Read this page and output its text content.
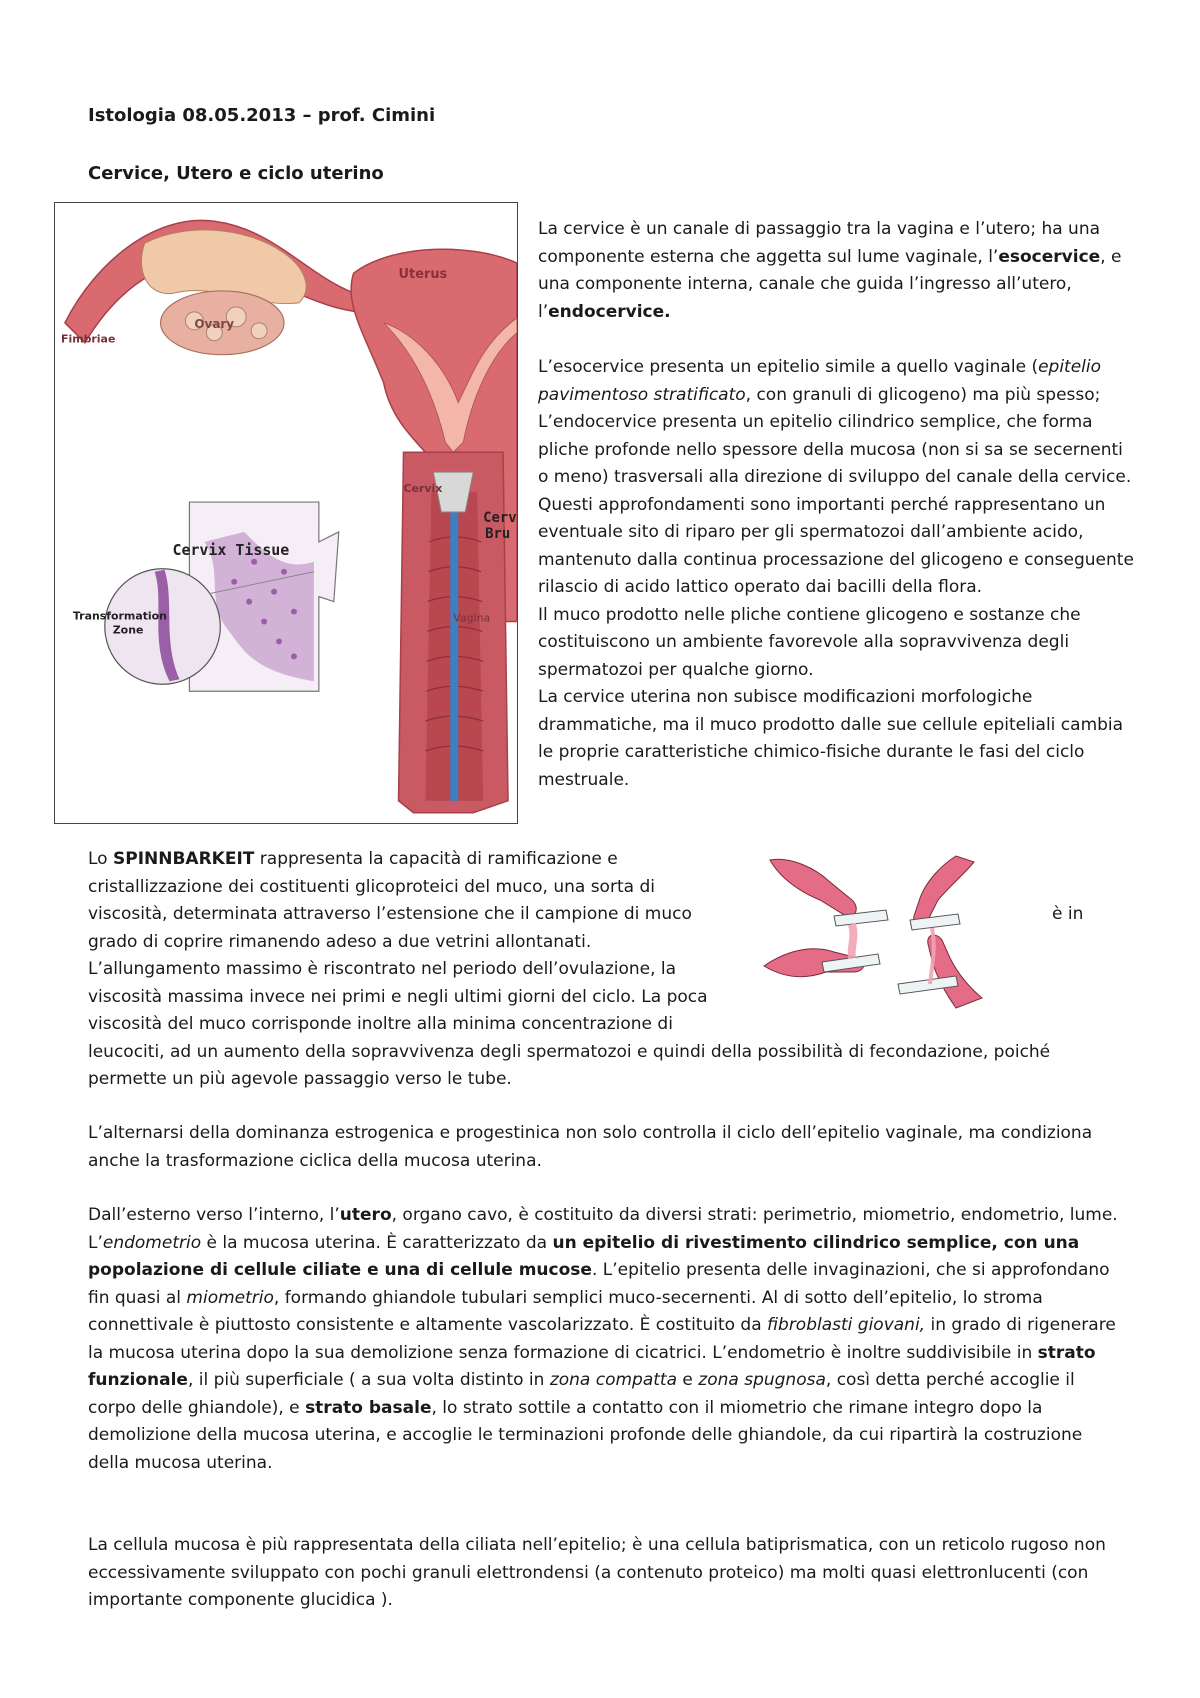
Istologia 08.05.2013 – prof. Cimini
Cervice, Utero e ciclo uterino
Uterus
Ovary
Fimbriae
Cervix
Vagina
Cervix Tissue
Transformation
Zone
Cerv
Bru

La cervice è un canale di passaggio tra la vagina e l’utero; ha una componente esterna che aggetta sul lume vaginale, l’esocervice, e una componente interna, canale che guida l’ingresso all’utero, l’endocervice.

L’esocervice presenta un epitelio simile a quello vaginale (epitelio pavimentoso stratificato, con granuli di glicogeno) ma più spesso;
L’endocervice presenta un epitelio cilindrico semplice, che forma pliche profonde nello spessore della mucosa (non si sa se secernenti o meno) trasversali alla direzione di sviluppo del canale della cervice.
Questi approfondamenti sono importanti perché rappresentano un eventuale sito di riparo per gli spermatozoi dall’ambiente acido, mantenuto dalla continua processazione del glicogeno e conseguente rilascio di acido lattico operato dai bacilli della flora.
Il muco prodotto nelle pliche contiene glicogeno e sostanze che costituiscono un ambiente favorevole alla sopravvivenza degli spermatozoi per qualche giorno.
La cervice uterina non subisce modificazioni morfologiche drammatiche, ma il muco prodotto dalle sue cellule epiteliali cambia le proprie caratteristiche chimico-fisiche durante le fasi del ciclo mestruale.

Lo SPINNBARKEIT rappresenta la capacità di ramificazione e cristallizzazione dei costituenti glicoproteici del muco, una sorta di viscosità, determinata attraverso l’estensione che il campione di muco	è in
grado di coprire rimanendo adeso a due vetrini allontanati.
L’allungamento massimo è riscontrato nel periodo dell’ovulazione, la viscosità massima invece nei primi e negli ultimi giorni del ciclo. La poca viscosità del muco corrisponde inoltre alla minima concentrazione di
leucociti, ad un aumento della sopravvivenza degli spermatozoi e quindi della possibilità di fecondazione, poiché permette un più agevole passaggio verso le tube.

L’alternarsi della dominanza estrogenica e progestinica non solo controlla il ciclo dell’epitelio vaginale, ma condiziona anche la trasformazione ciclica della mucosa uterina.

Dall’esterno verso l’interno, l’utero, organo cavo, è costituito da diversi strati: perimetrio, miometrio, endometrio, lume.
L’endometrio è la mucosa uterina. È caratterizzato da un epitelio di rivestimento cilindrico semplice, con una popolazione di cellule ciliate e una di cellule mucose. L’epitelio presenta delle invaginazioni, che si approfondano fin quasi al miometrio, formando ghiandole tubulari semplici muco-secernenti. Al di sotto dell’epitelio, lo stroma connettivale è piuttosto consistente e altamente vascolarizzato. È costituito da fibroblasti giovani, in grado di rigenerare la mucosa uterina dopo la sua demolizione senza formazione di cicatrici. L’endometrio è inoltre suddivisibile in strato funzionale, il più superficiale ( a sua volta distinto in zona compatta e zona spugnosa, così detta perché accoglie il corpo delle ghiandole), e strato basale, lo strato sottile a contatto con il miometrio che rimane integro dopo la demolizione della mucosa uterina, e accoglie le terminazioni profonde delle ghiandole, da cui ripartirà la costruzione della mucosa uterina.

La cellula mucosa è più rappresentata della ciliata nell’epitelio; è una cellula batiprismatica, con un reticolo rugoso non eccessivamente sviluppato con pochi granuli elettrondensi (a contenuto proteico) ma molti quasi elettronlucenti (con importante componente glucidica ).
